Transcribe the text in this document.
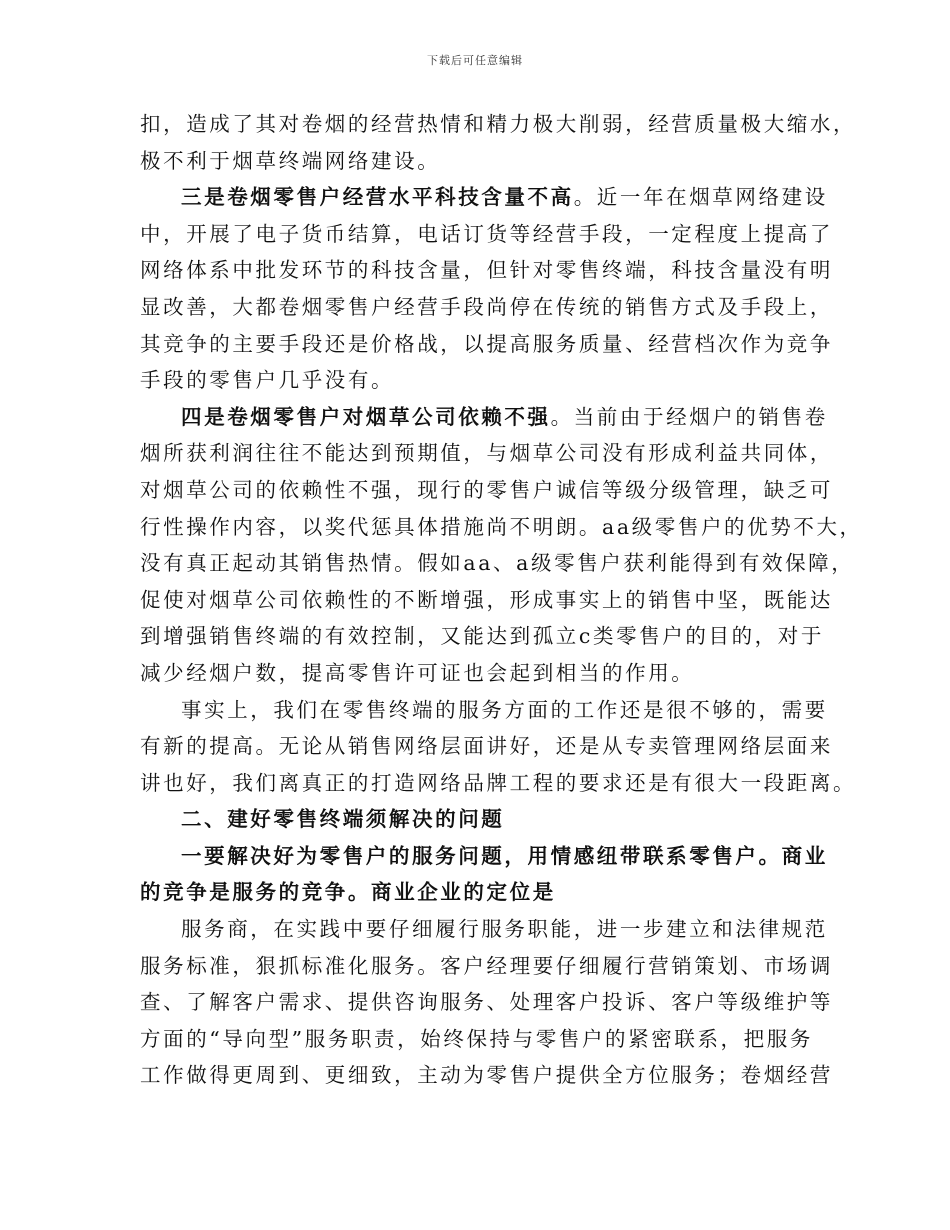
下载后可任意编辑

扣，造成了其对卷烟的经营热情和精力极大削弱，经营质量极大缩水，
极不利于烟草终端网络建设。

三是卷烟零售户经营水平科技含量不高。近一年在烟草网络建设
中，开展了电子货币结算，电话订货等经营手段，一定程度上提高了
网络体系中批发环节的科技含量，但针对零售终端，科技含量没有明
显改善，大都卷烟零售户经营手段尚停在传统的销售方式及手段上，
其竞争的主要手段还是价格战，以提高服务质量、经营档次作为竞争
手段的零售户几乎没有。

四是卷烟零售户对烟草公司依赖不强。当前由于经烟户的销售卷
烟所获利润往往不能达到预期值，与烟草公司没有形成利益共同体，
对烟草公司的依赖性不强，现行的零售户诚信等级分级管理，缺乏可
行性操作内容，以奖代惩具体措施尚不明朗。aa级零售户的优势不大，
没有真正起动其销售热情。假如aa、a级零售户获利能得到有效保障，
促使对烟草公司依赖性的不断增强，形成事实上的销售中坚，既能达
到增强销售终端的有效控制，又能达到孤立c类零售户的目的，对于
减少经烟户数，提高零售许可证也会起到相当的作用。

事实上，我们在零售终端的服务方面的工作还是很不够的，需要
有新的提高。无论从销售网络层面讲好，还是从专卖管理网络层面来
讲也好，我们离真正的打造网络品牌工程的要求还是有很大一段距离。

二、建好零售终端须解决的问题

一要解决好为零售户的服务问题，用情感纽带联系零售户。商业
的竞争是服务的竞争。商业企业的定位是

服务商，在实践中要仔细履行服务职能，进一步建立和法律规范
服务标准，狠抓标准化服务。客户经理要仔细履行营销策划、市场调
查、了解客户需求、提供咨询服务、处理客户投诉、客户等级维护等
方面的“导向型”服务职责，始终保持与零售户的紧密联系，把服务
工作做得更周到、更细致，主动为零售户提供全方位服务；卷烟经营
